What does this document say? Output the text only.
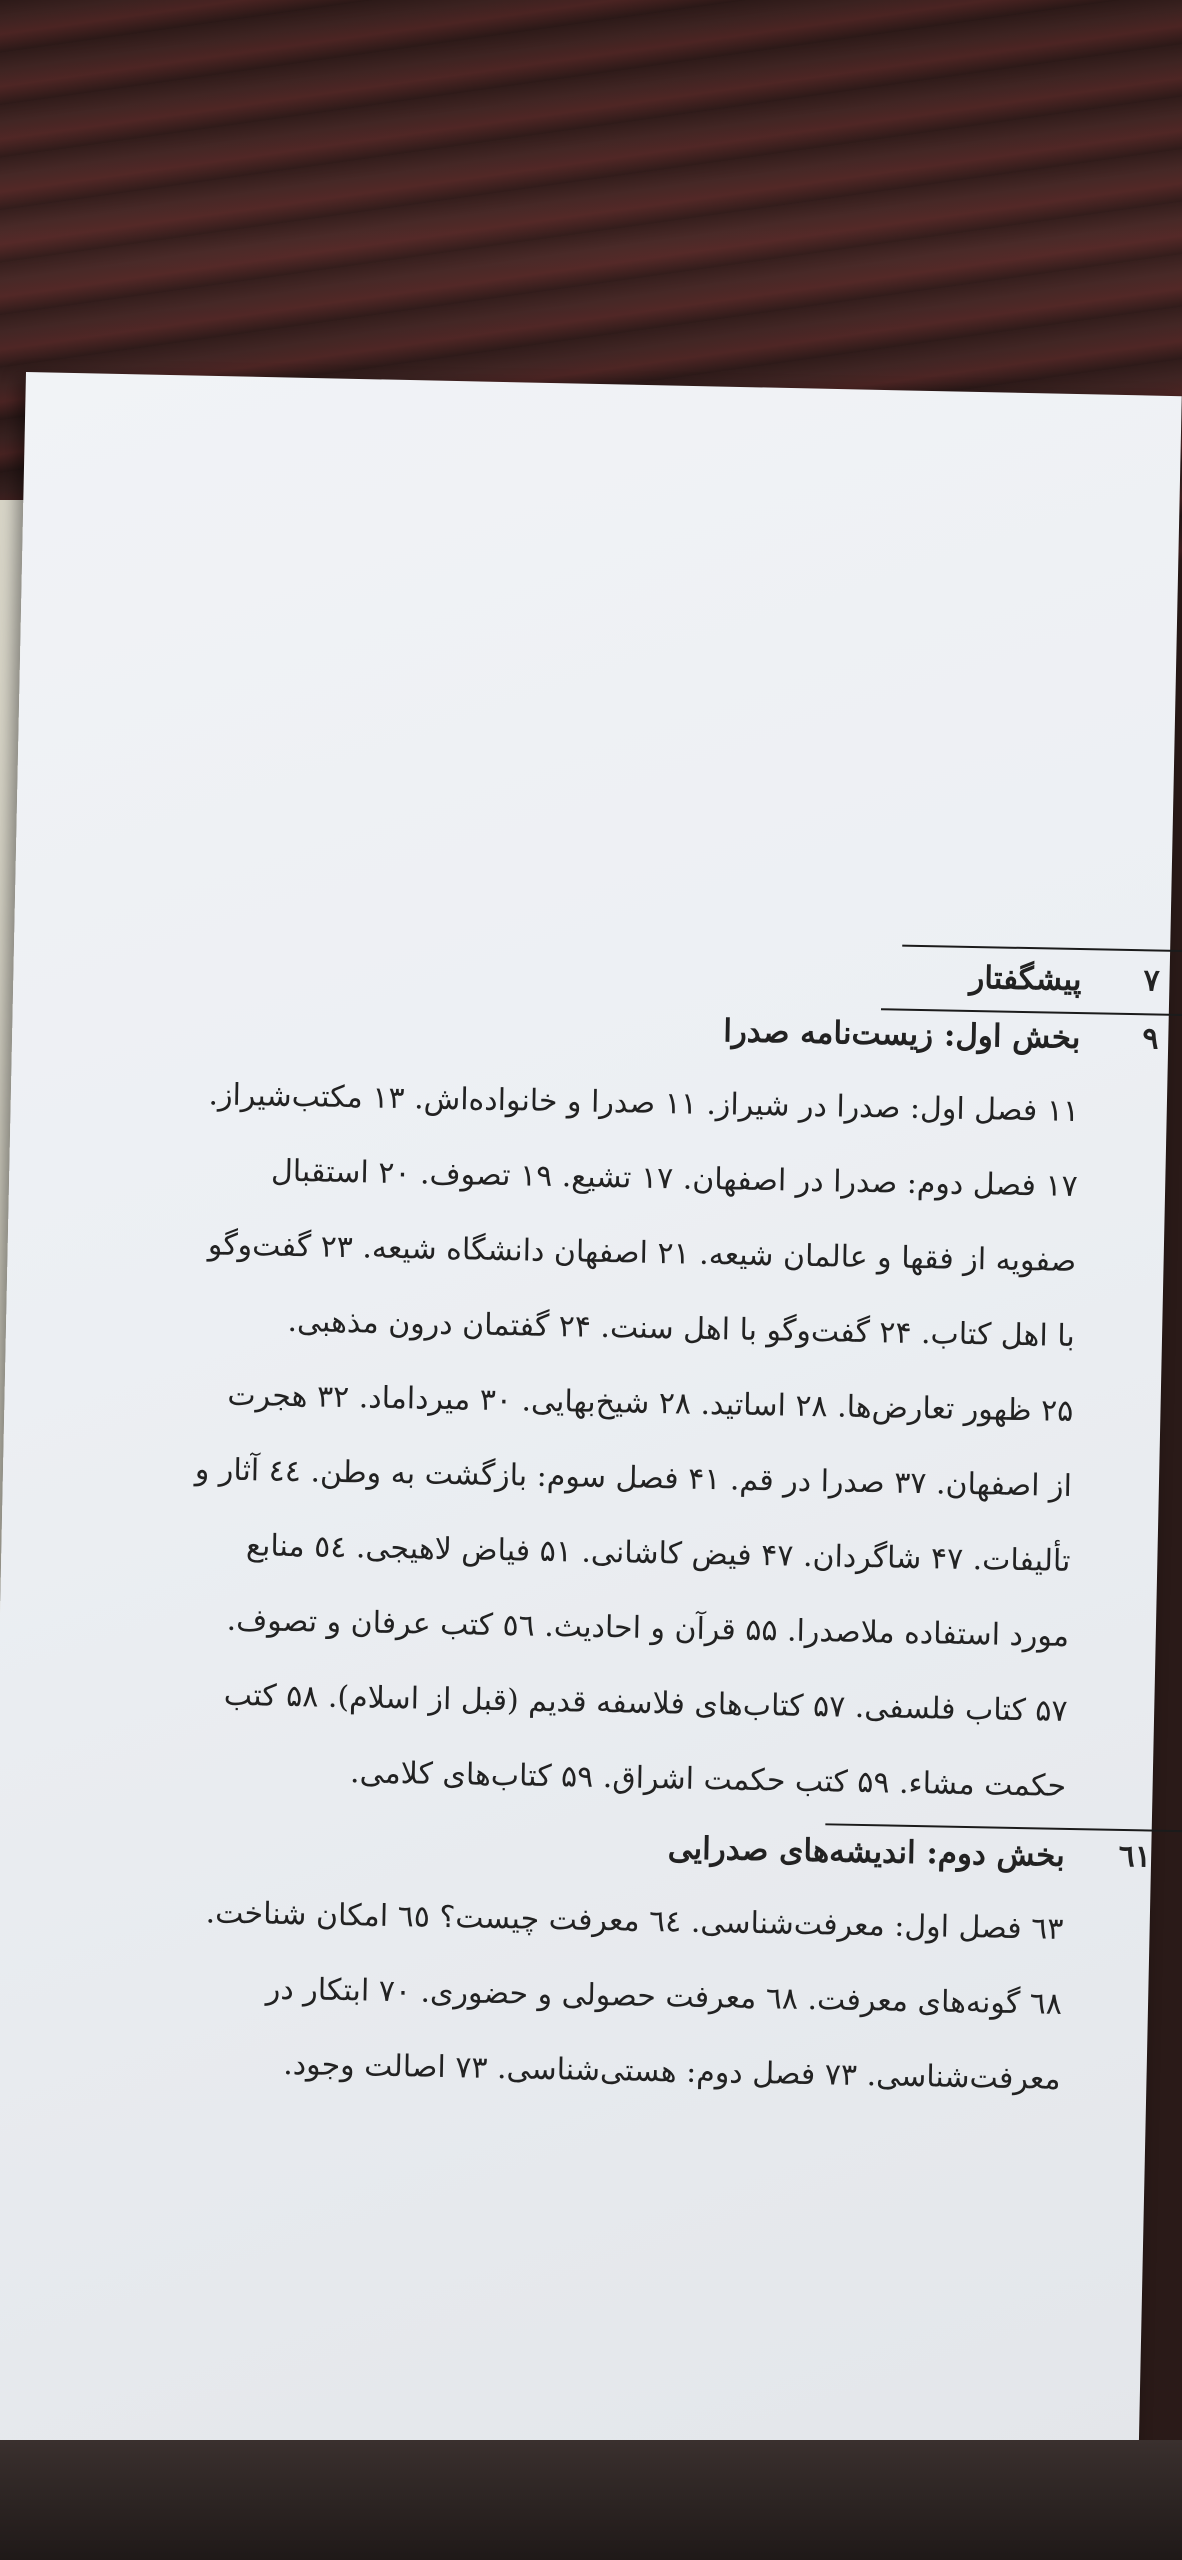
۷
پیشگفتار
۹
بخش اول: زیست‌نامه صدرا
۱۱ فصل اول: صدرا در شیراز. ۱۱ صدرا و خانواده‌اش. ۱۳ مکتب‌شیراز.
۱۷ فصل دوم: صدرا در اصفهان. ۱۷ تشیع. ۱۹ تصوف. ۲۰ استقبال
صفویه از فقها و عالمان شیعه. ۲۱ اصفهان دانشگاه شیعه. ۲۳ گفت‌وگو
با اهل کتاب. ۲۴ گفت‌وگو با اهل سنت. ۲۴ گفتمان درون مذهبی.
۲۵ ظهور تعارض‌ها. ۲۸ اساتید. ۲۸ شیخ‌بهایی. ۳۰ میرداماد. ۳۲ هجرت
از اصفهان. ۳۷ صدرا در قم. ۴۱ فصل سوم: بازگشت به وطن. ٤٤ آثار و
تألیفات. ۴۷ شاگردان. ۴۷ فیض کاشانی. ۵۱ فیاض لاهیجی. ٥٤ منابع
مورد استفاده ملاصدرا. ۵۵ قرآن و احادیث. ٥٦ کتب عرفان و تصوف.
۵۷ کتاب فلسفی. ۵۷ کتاب‌های فلاسفه قدیم (قبل از اسلام). ۵۸ کتب
حکمت مشاء. ۵۹ کتب حکمت اشراق. ۵۹ کتاب‌های کلامی.
٦١
بخش دوم: اندیشه‌های صدرایی
٦٣ فصل اول: معرفت‌شناسی. ٦٤ معرفت چیست؟ ٦٥ امکان شناخت.
٦٨ گونه‌های معرفت. ٦٨ معرفت حصولی و حضوری. ۷۰ ابتکار در
معرفت‌شناسی. ۷۳ فصل دوم: هستی‌شناسی. ۷۳ اصالت وجود.
